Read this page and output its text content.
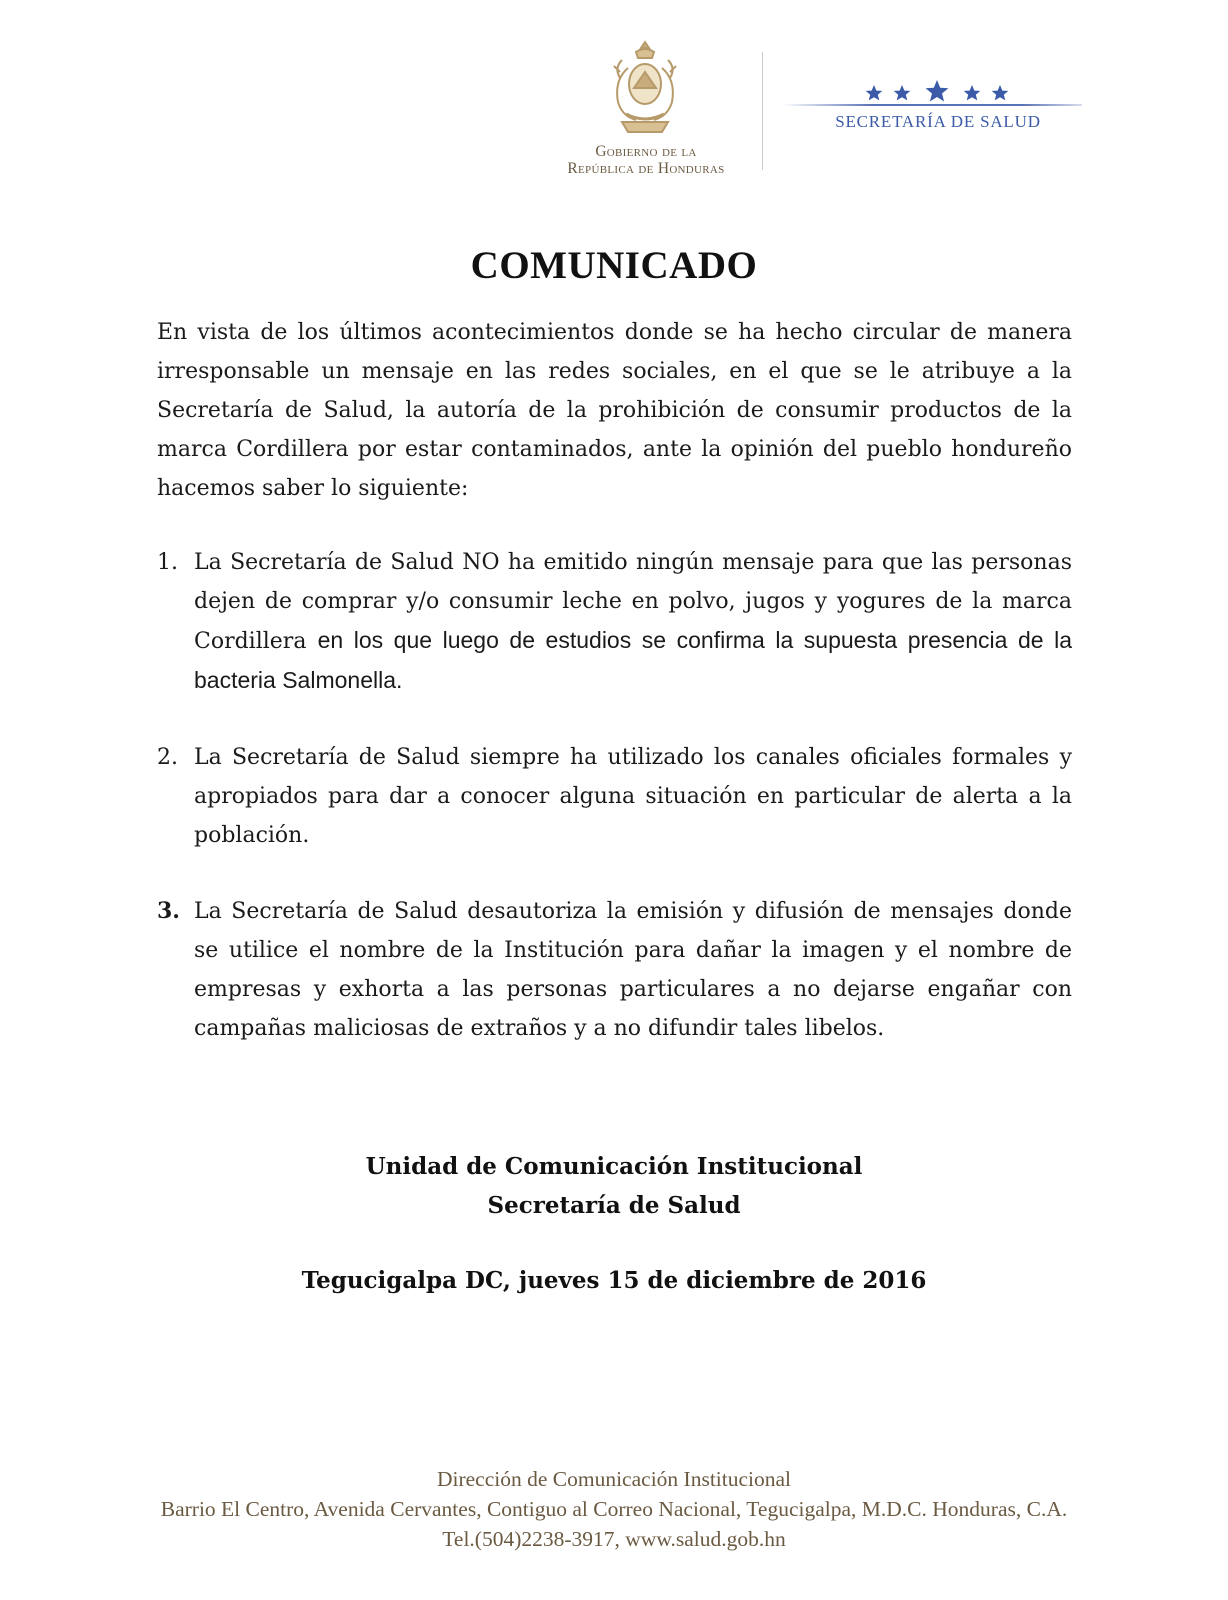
Gobierno de la
República de Honduras
SECRETARÍA DE SALUD
COMUNICADO
En vista de los últimos acontecimientos donde se ha hecho circular de manera irresponsable un mensaje en las redes sociales, en el que se le atribuye a la Secretaría de Salud, la autoría de la prohibición de consumir productos de la marca Cordillera por estar contaminados, ante la opinión del pueblo hondureño hacemos saber lo siguiente:
1. La Secretaría de Salud NO ha emitido ningún mensaje para que las personas dejen de comprar y/o consumir leche en polvo, jugos y yogures de la marca Cordillera en los que luego de estudios se confirma la supuesta presencia de la bacteria Salmonella.
2. La Secretaría de Salud siempre ha utilizado los canales oficiales formales y apropiados para dar a conocer alguna situación en particular de alerta a la población.
3. La Secretaría de Salud desautoriza la emisión y difusión de mensajes donde se utilice el nombre de la Institución para dañar la imagen y el nombre de empresas y exhorta a las personas particulares a no dejarse engañar con campañas maliciosas de extraños y a no difundir tales libelos.
Unidad de Comunicación Institucional
Secretaría de Salud
Tegucigalpa DC, jueves 15 de diciembre de 2016
Dirección de Comunicación Institucional
Barrio El Centro, Avenida Cervantes, Contiguo al Correo Nacional, Tegucigalpa, M.D.C. Honduras, C.A.
Tel.(504)2238-3917, www.salud.gob.hn
